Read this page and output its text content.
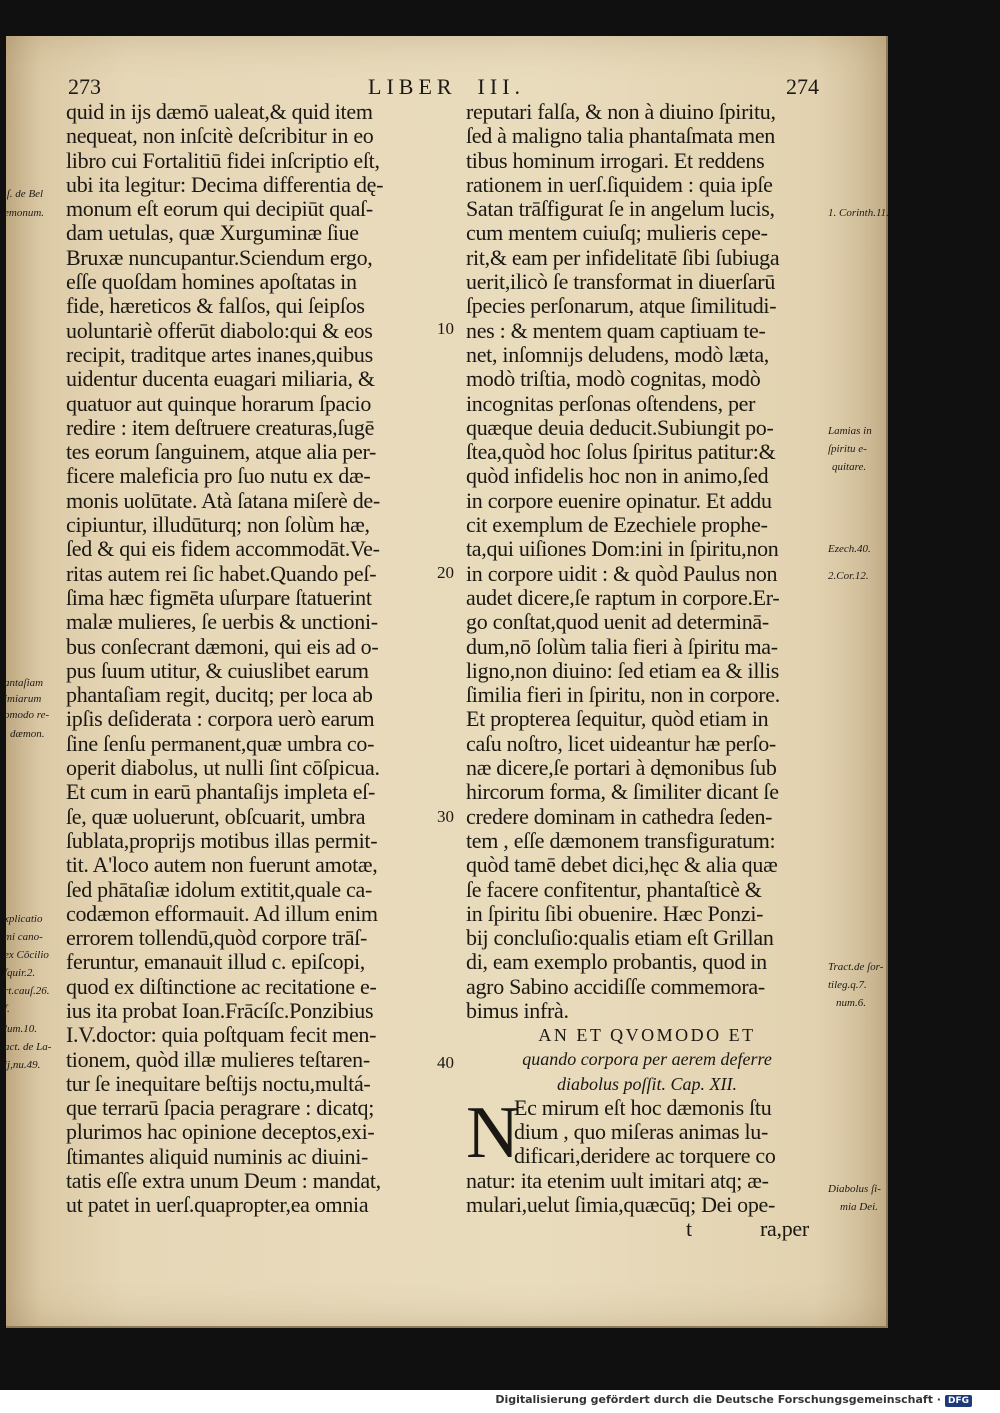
273	LIBER  III.	274
quid in ijs dæmō ualeat,& quid item
nequeat, non inſcitè deſcribitur in eo
libro cui Fortalitiū fidei inſcriptio eſt,
ubi ita legitur: Decima differentia dę-
monum eſt eorum qui decipiūt quaſ-
dam uetulas, quæ Xurguminæ ſiue
Bruxæ nuncupantur.Sciendum ergo,
eſſe quoſdam homines apoſtatas in
fide, hæreticos & falſos, qui ſeipſos
uoluntariè offerūt diabolo:qui & eos
recipit, traditque artes inanes,quibus
uidentur ducenta euagari miliaria, &
quatuor aut quinque horarum ſpacio
redire : item deſtruere creaturas,ſugē
tes eorum ſanguinem, atque alia per-
ficere maleficia pro ſuo nutu ex dæ-
monis uolūtate. Atà ſatana miſerè de-
cipiuntur, illudūturq; non ſolùm hæ,
ſed & qui eis fidem accommodāt.Ve-
ritas autem rei ſic habet.Quando peſ-
ſima hæc figmēta uſurpare ſtatuerint
malæ mulieres, ſe uerbis & unctioni-
bus conſecrant dæmoni, qui eis ad o-
pus ſuum utitur, & cuiuslibet earum
phantaſiam regit, ducitq; per loca ab
ipſis deſiderata : corpora uerò earum
ſine ſenſu permanent,quæ umbra co-
operit diabolus, ut nulli ſint cōſpicua.
Et cum in earū phantaſijs impleta eſ-
ſe, quæ uoluerunt, obſcuarit, umbra
ſublata,proprijs motibus illas permit-
tit. A'loco autem non fuerunt amotæ,
ſed phātaſiæ idolum extitit,quale ca-
codæmon efformauit. Ad illum enim
errorem tollendū,quòd corpore trāſ-
feruntur, emanauit illud c. epiſcopi,
quod ex diſtinctione ac recitatione e-
ius ita probat Ioan.Frācíſc.Ponzibius
I.V.doctor: quia poſtquam fecit men-
tionem, quòd illæ mulieres teſtaren-
tur ſe inequitare beſtijs noctu,multá-
que terrarū ſpacia peragrare : dicatq;
plurimos hac opinione deceptos,exi-
ſtimantes aliquid numinis ac diuini-
tatis eſſe extra unum Deum : mandat,
ut patet in uerſ.quapropter,ea omnia
reputari falſa, & non à diuino ſpiritu,
ſed à maligno talia phantaſmata men
tibus hominum irrogari. Et reddens
rationem in uerſ.ſiquidem : quia ipſe
Satan trāſfigurat ſe in angelum lucis,
cum mentem cuiuſq; mulieris cepe-
rit,& eam per infidelitatē ſibi ſubiuga
uerit,ilicò ſe transformat in diuerſarū
ſpecies perſonarum, atque ſimilitudi-
nes : & mentem quam captiuam te-
net, inſomnijs deludens, modò læta,
modò triſtia, modò cognitas, modò
incognitas perſonas oſtendens, per
quæque deuia deducit.Subiungit po-
ſtea,quòd hoc ſolus ſpiritus patitur:&
quòd infidelis hoc non in animo,ſed
in corpore euenire opinatur. Et addu
cit exemplum de Ezechiele prophe-
ta,qui uiſiones Dom:ini in ſpiritu,non
in corpore uidit : & quòd Paulus non
audet dicere,ſe raptum in corpore.Er-
go conſtat,quod uenit ad determinā-
dum,nō ſolùm talia fieri à ſpiritu ma-
ligno,non diuino: ſed etiam ea & illis
ſimilia fieri in ſpiritu, non in corpore.
Et propterea ſequitur, quòd etiam in
caſu noſtro, licet uideantur hæ perſo-
næ dicere,ſe portari à dęmonibus ſub
hircorum forma, & ſimiliter dicant ſe
credere dominam in cathedra ſeden-
tem , eſſe dæmonem transfiguratum:
quòd tamē debet dici,hęc & alia quæ
ſe facere confitentur, phantaſticè &
in ſpiritu ſibi obuenire. Hæc Ponzi-
bij concluſio:qualis etiam eſt Grillan
di, eam exemplo probantis, quod in
agro Sabino accidiſſe commemora-
bimus infrà.
AN ET QVOMODO ET
quando corpora per aerem deferre
diabolus poſſit. Cap. XII.
N
Ec mirum eſt hoc dæmonis ſtu
dium , quo miſeras animas lu-
dificari,deridere ac torquere co
natur: ita etenim uult imitari atq; æ-
mulari,uelut ſimia,quæcūq; Dei ope-
t	ra,per
10
20
30
40
.ſ. de Bel
emonum.
antaſiam
imiarum
omodo re-
dæmon.
xplicatio
mi cano-
ex Cōcilio
ſquir.2.
rt.cauſ.26.
ſ.
lum.10.
act. de La-
ij,nu.49.
1. Corinth.11.
Lamias in
ſpiritu e-
quitare.
Ezech.40.
2.Cor.12.
Tract.de ſor-
tileg.q.7.
num.6.
Diabolus ſi-
mia Dei.
Digitalisierung gefördert durch die Deutsche Forschungsgemeinschaft · DFG
